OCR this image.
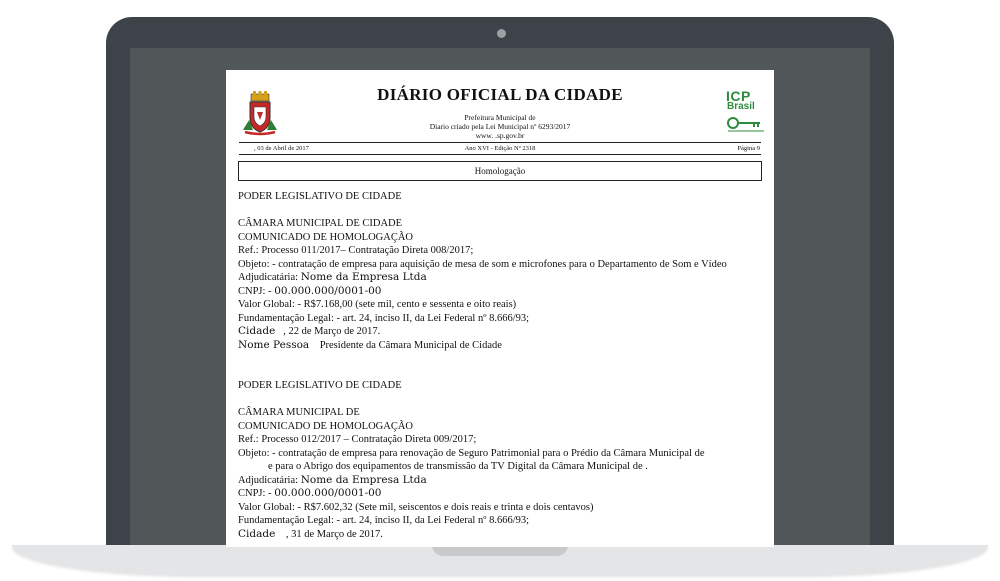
ICP
Brasil
DIÁRIO OFICIAL DA CIDADE
Prefeitura Municipal de
Diario criado pela Lei Municipal nº 6293/2017
www. .sp.gov.br
, 03 de Abril de 2017	Ano XVI - Edição Nº 2318	Página 9
Homologação

PODER LEGISLATIVO DE CIDADE

CÂMARA MUNICIPAL DE CIDADE

COMUNICADO DE HOMOLOGAÇÃO

Ref.: Processo 011/2017– Contratação Direta 008/2017;

Objeto: - contratação de empresa para aquisição de mesa de som e microfones para o Departamento de Som e Vídeo

Adjudicatária: Nome da Empresa Ltda

CNPJ: - 00.000.000/0001-00

Valor Global: - R$7.168,00 (sete mil, cento e sessenta e oito reais)

Fundamentação Legal: - art. 24, inciso II, da Lei Federal nº 8.666/93;

Cidade , 22 de Março de 2017.

Nome Pessoa Presidente da Câmara Municipal de Cidade

PODER LEGISLATIVO DE CIDADE

CÂMARA MUNICIPAL DE

COMUNICADO DE HOMOLOGAÇÃO

Ref.: Processo 012/2017 – Contratação Direta 009/2017;

Objeto: - contratação de empresa para renovação de Seguro Patrimonial para o Prédio da Câmara Municipal de

e para o Abrigo dos equipamentos de transmissão da TV Digital da Câmara Municipal de .

Adjudicatária: Nome da Empresa Ltda

CNPJ: - 00.000.000/0001-00

Valor Global: - R$7.602,32 (Sete mil, seiscentos e dois reais e trinta e dois centavos)

Fundamentação Legal: - art. 24, inciso II, da Lei Federal nº 8.666/93;

Cidade , 31 de Março de 2017.
